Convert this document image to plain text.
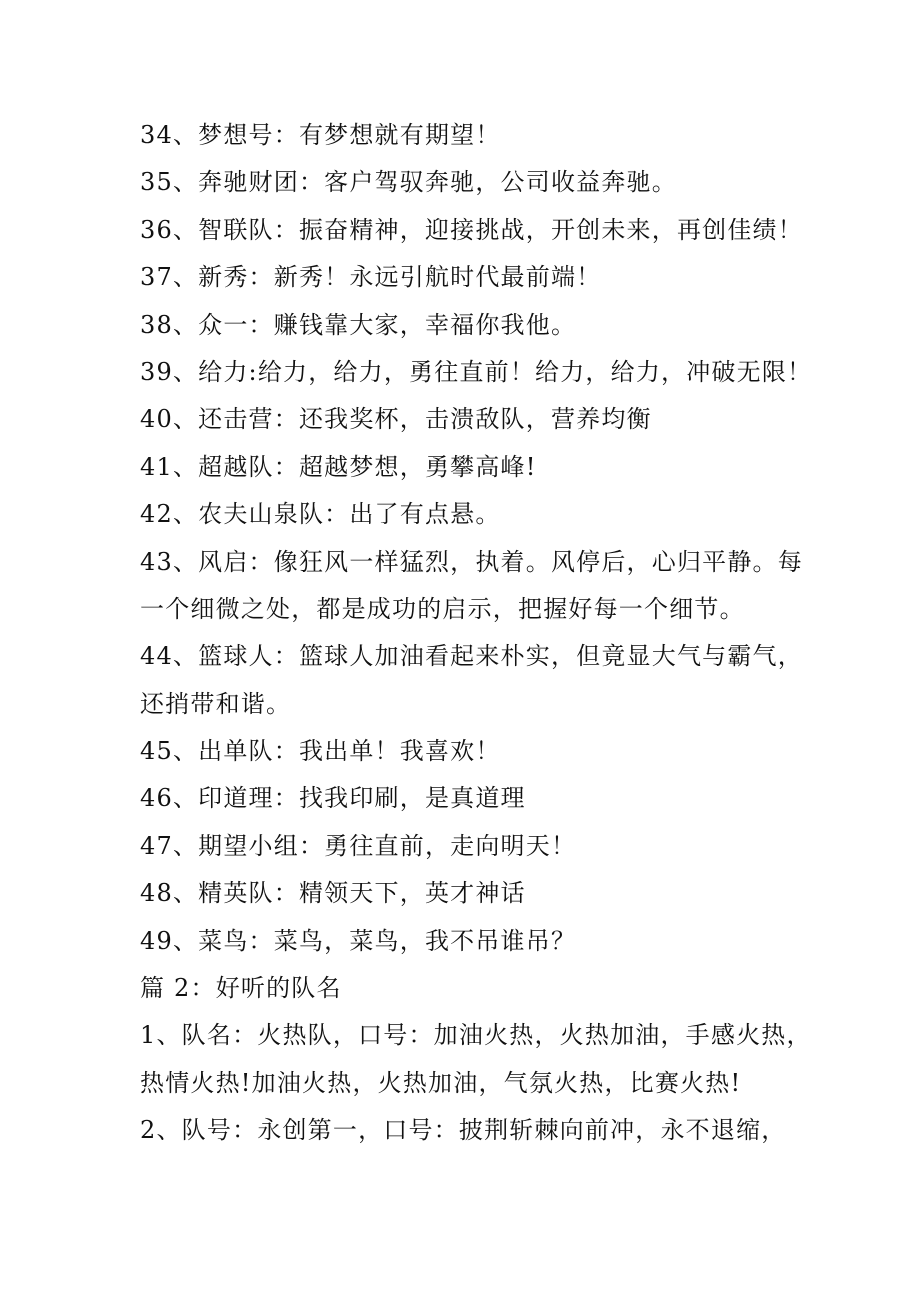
34、梦想号：有梦想就有期望！
35、奔驰财团：客户驾驭奔驰，公司收益奔驰。
36、智联队：振奋精神，迎接挑战，开创未来，再创佳绩！
37、新秀：新秀！永远引航时代最前端！
38、众一：赚钱靠大家，幸福你我他。
39、给力:给力，给力，勇往直前！给力，给力，冲破无限！
40、还击营：还我奖杯，击溃敌队，营养均衡
41、超越队：超越梦想，勇攀高峰!
42、农夫山泉队：出了有点悬。
43、风启：像狂风一样猛烈，执着。风停后，心归平静。每
一个细微之处，都是成功的启示，把握好每一个细节。
44、篮球人：篮球人加油看起来朴实，但竟显大气与霸气，
还捎带和谐。
45、出单队：我出单！我喜欢！
46、印道理：找我印刷，是真道理
47、期望小组：勇往直前，走向明天！
48、精英队：精领天下，英才神话
49、菜鸟：菜鸟，菜鸟，我不吊谁吊？
篇 2：好听的队名
1、队名：火热队，口号：加油火热，火热加油，手感火热，
热情火热!加油火热，火热加油，气氛火热，比赛火热!
2、队号：永创第一，口号：披荆斩棘向前冲，永不退缩，
